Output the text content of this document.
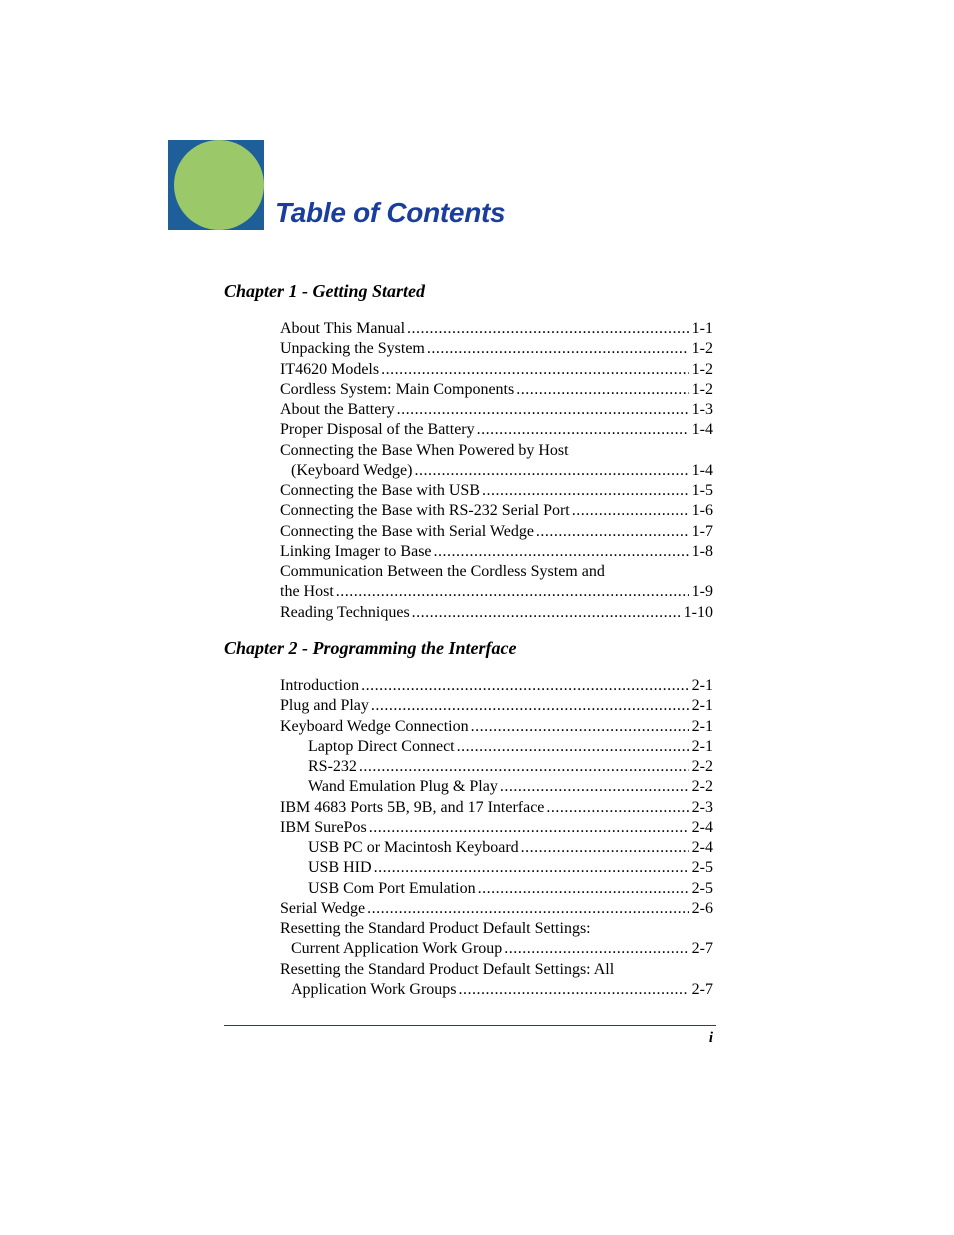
Table of Contents
Chapter 1 - Getting Started
About This Manual .....	1-1
Unpacking the System .....	1-2
IT4620 Models .....	1-2
Cordless System: Main Components .....	1-2
About the Battery .....	1-3
Proper Disposal of the Battery .....	1-4
Connecting the Base When Powered by Host
(Keyboard Wedge) .....	1-4
Connecting the Base with USB .....	1-5
Connecting the Base with RS-232 Serial Port .....	1-6
Connecting the Base with Serial Wedge .....	1-7
Linking Imager to Base .....	1-8
Communication Between the Cordless System and
the Host .....	1-9
Reading Techniques .....	1-10
Chapter 2 - Programming the Interface
Introduction .....	2-1
Plug and Play .....	2-1
Keyboard Wedge Connection .....	2-1
Laptop Direct Connect .....	2-1
RS-232 .....	2-2
Wand Emulation Plug & Play .....	2-2
IBM 4683 Ports 5B, 9B, and 17 Interface .....	2-3
IBM SurePos .....	2-4
USB PC or Macintosh Keyboard .....	2-4
USB HID .....	2-5
USB Com Port Emulation .....	2-5
Serial Wedge .....	2-6
Resetting the Standard Product Default Settings:
Current Application Work Group .....	2-7
Resetting the Standard Product Default Settings: All
Application Work Groups .....	2-7
i
